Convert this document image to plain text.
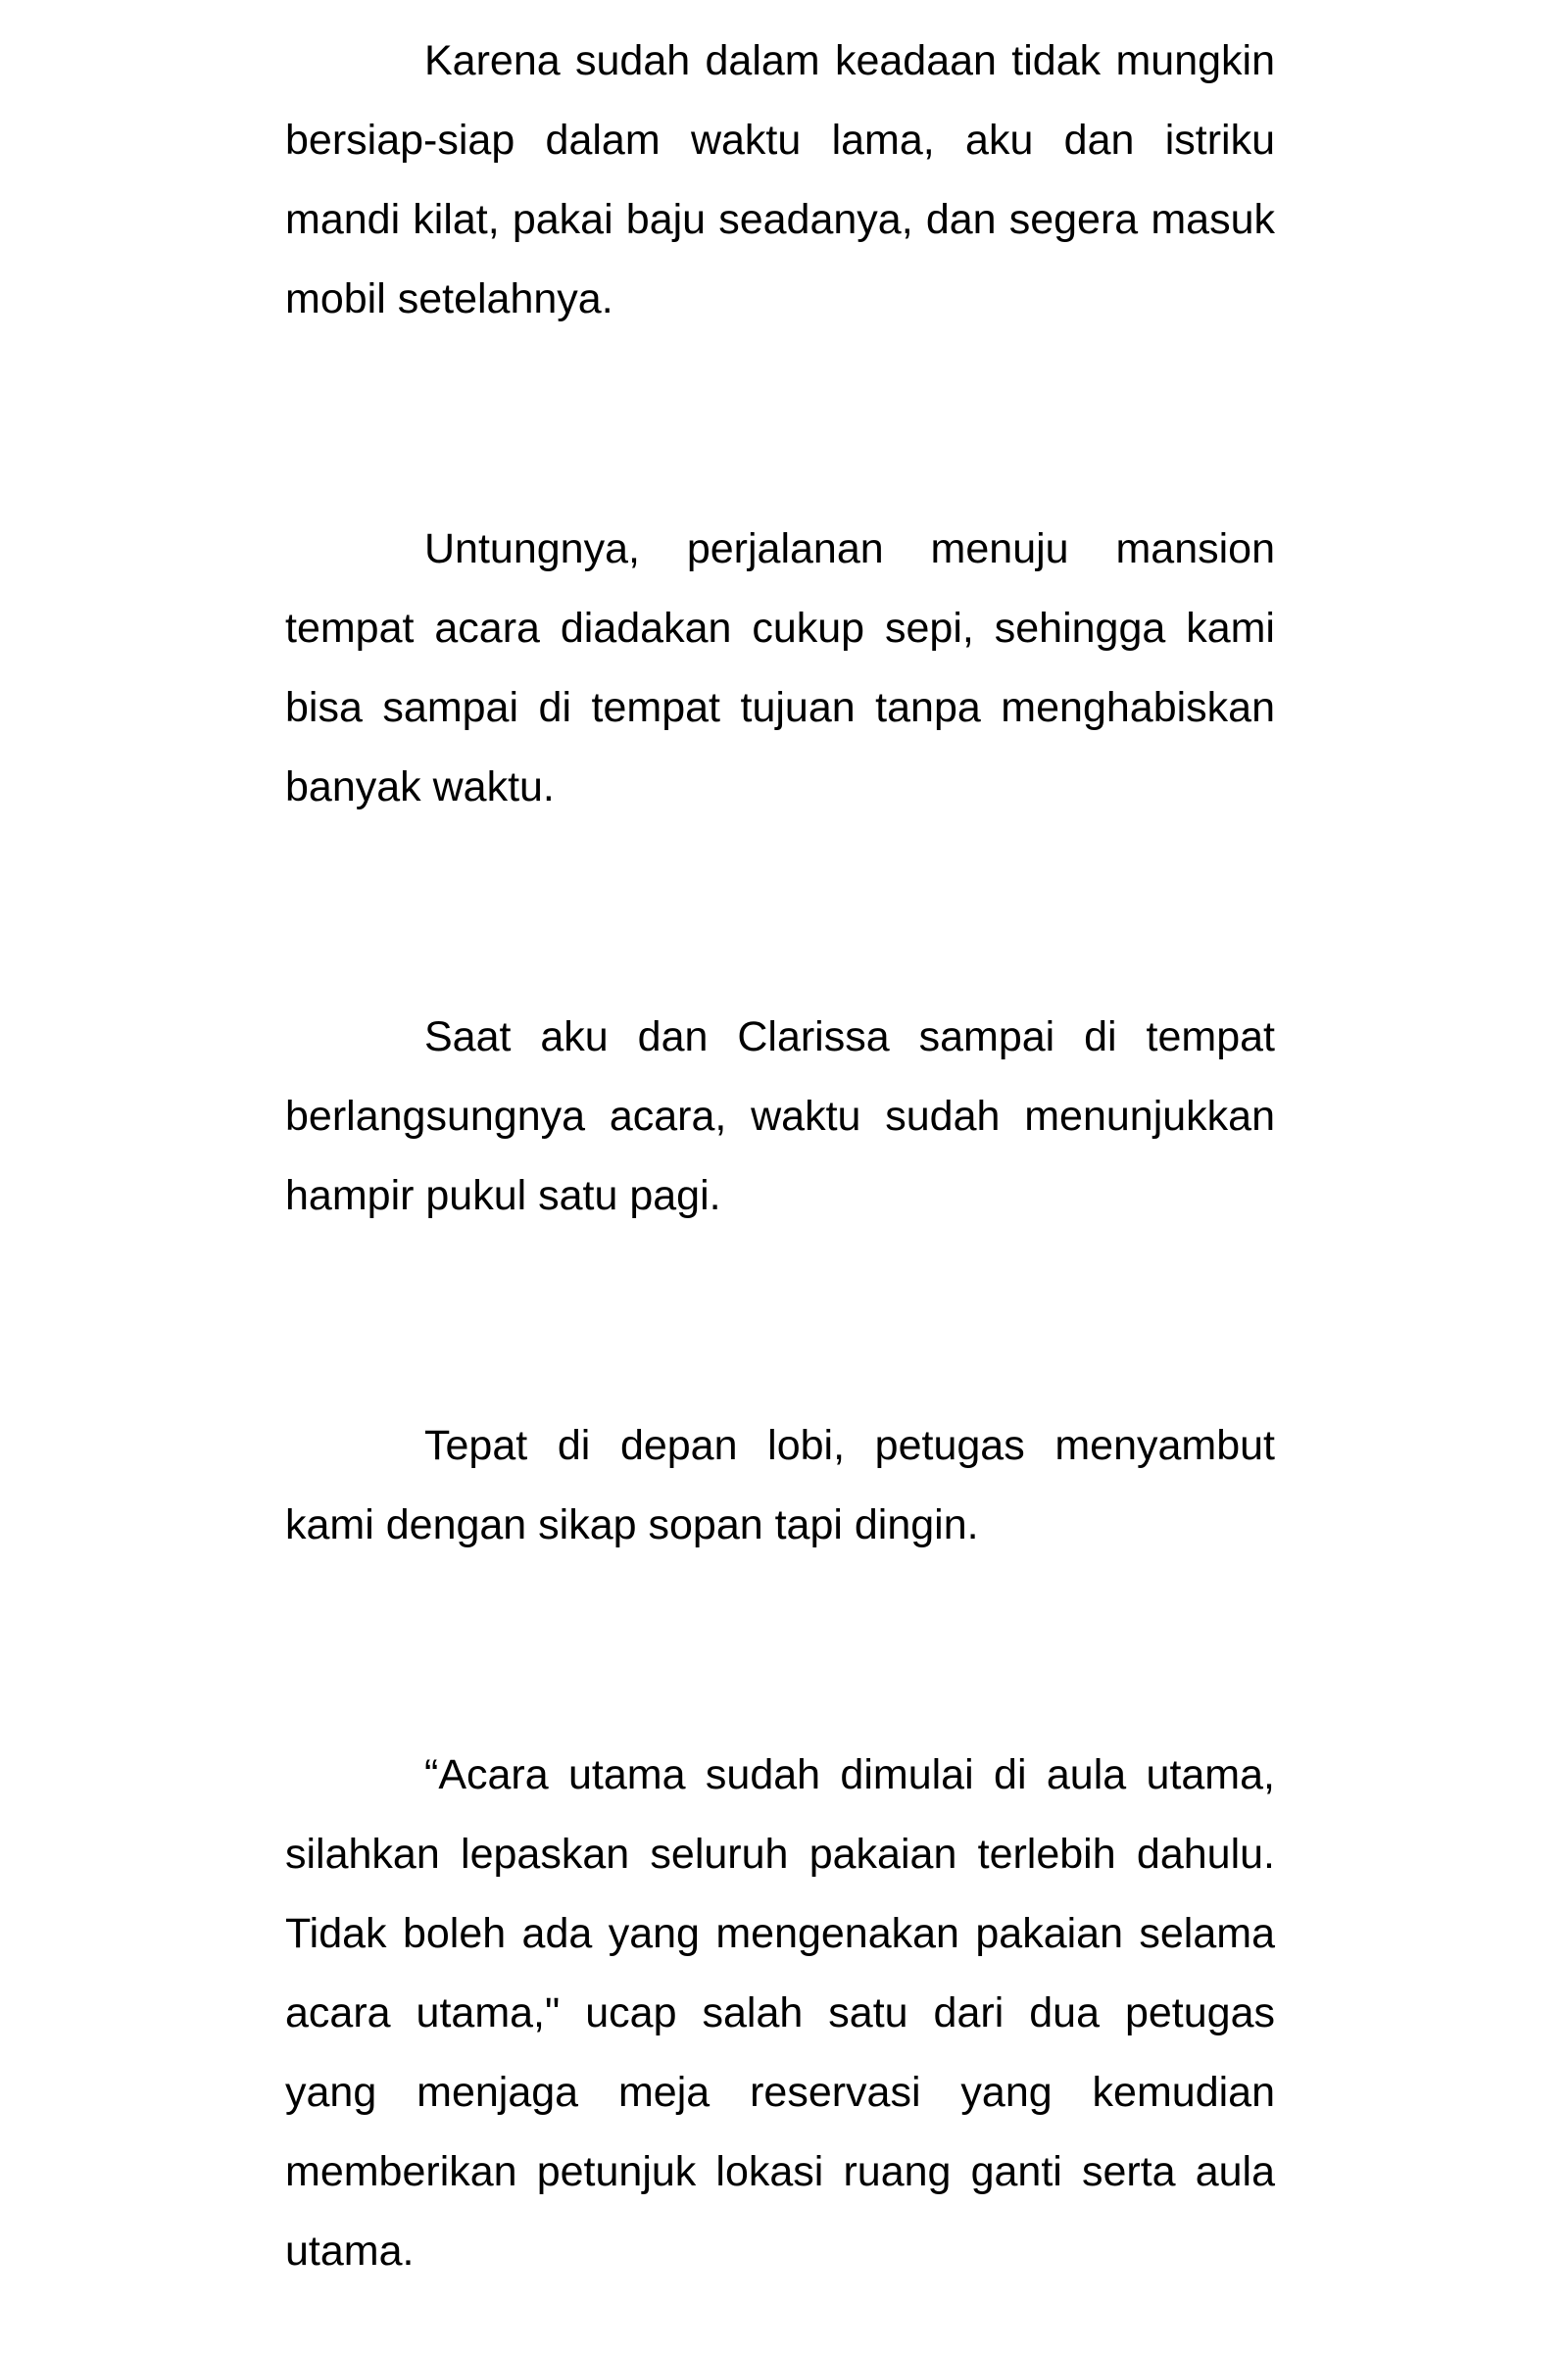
Karena sudah dalam keadaan tidak mungkin bersiap-siap dalam waktu lama, aku dan istriku mandi kilat, pakai baju seadanya, dan segera masuk mobil setelahnya.

Untungnya, perjalanan menuju mansion tempat acara diadakan cukup sepi, sehingga kami bisa sampai di tempat tujuan tanpa menghabiskan banyak waktu.

Saat aku dan Clarissa sampai di tempat berlangsungnya acara, waktu sudah menunjukkan hampir pukul satu pagi.

Tepat di depan lobi, petugas menyambut kami dengan sikap sopan tapi dingin.

“Acara utama sudah dimulai di aula utama, silahkan lepaskan seluruh pakaian terlebih dahulu. Tidak boleh ada yang mengenakan pakaian selama acara utama," ucap salah satu dari dua petugas yang menjaga meja reservasi yang kemudian memberikan petunjuk lokasi ruang ganti serta aula utama.
